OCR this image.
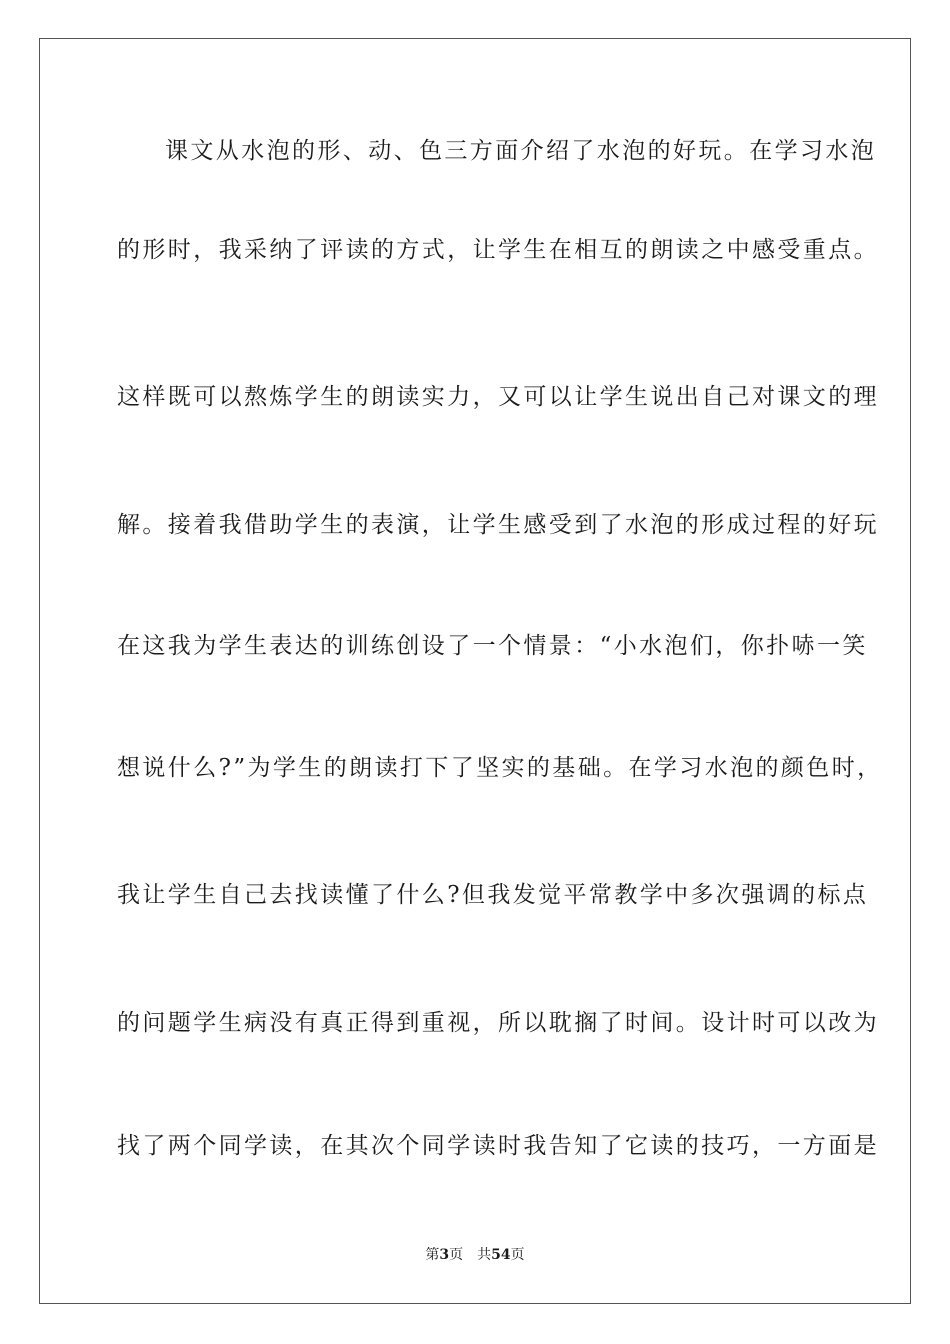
课文从水泡的形、动、色三方面介绍了水泡的好玩。在学习水泡
的形时，我采纳了评读的方式，让学生在相互的朗读之中感受重点。
这样既可以熬炼学生的朗读实力，又可以让学生说出自己对课文的理
解。接着我借助学生的表演，让学生感受到了水泡的形成过程的好玩
在这我为学生表达的训练创设了一个情景：“小水泡们，你扑哧一笑
想说什么?”为学生的朗读打下了坚实的基础。在学习水泡的颜色时，
我让学生自己去找读懂了什么?但我发觉平常教学中多次强调的标点
的问题学生病没有真正得到重视，所以耽搁了时间。设计时可以改为
找了两个同学读，在其次个同学读时我告知了它读的技巧，一方面是
第3页 共54页
